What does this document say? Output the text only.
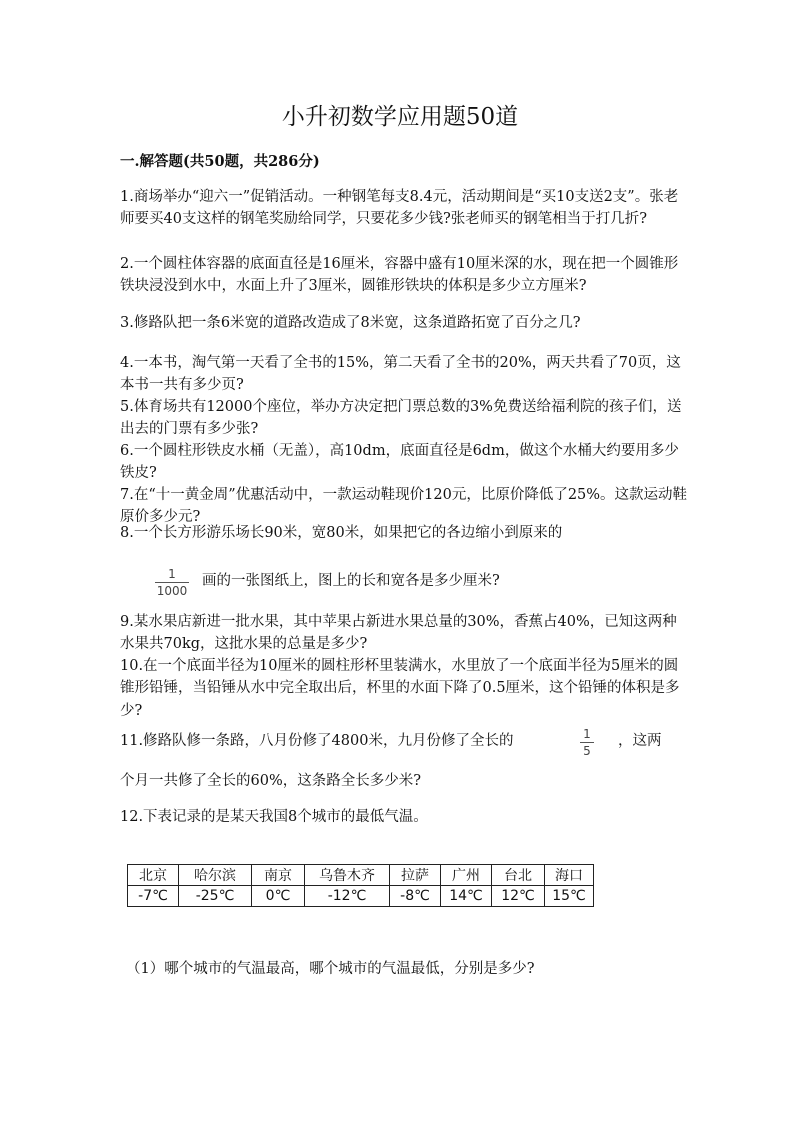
小升初数学应用题50道
一.解答题(共50题，共286分)
1.商场举办“迎六一”促销活动。一种钢笔每支8.4元，活动期间是“买10支送2支”。张老师要买40支这样的钢笔奖励给同学，只要花多少钱?张老师买的钢笔相当于打几折?
2.一个圆柱体容器的底面直径是16厘米，容器中盛有10厘米深的水，现在把一个圆锥形铁块浸没到水中，水面上升了3厘米，圆锥形铁块的体积是多少立方厘米?
3.修路队把一条6米宽的道路改造成了8米宽，这条道路拓宽了百分之几?
4.一本书，淘气第一天看了全书的15%，第二天看了全书的20%，两天共看了70页，这本书一共有多少页?
5.体育场共有12000个座位，举办方决定把门票总数的3%免费送给福利院的孩子们，送出去的门票有多少张?
6.一个圆柱形铁皮水桶（无盖），高10dm，底面直径是6dm，做这个水桶大约要用多少铁皮?
7.在“十一黄金周”优惠活动中，一款运动鞋现价120元，比原价降低了25%。这款运动鞋原价多少元?
8.一个长方形游乐场长90米，宽80米，如果把它的各边缩小到原来的
1
1000
画的一张图纸上，图上的长和宽各是多少厘米?
9.某水果店新进一批水果，其中苹果占新进水果总量的30%，香蕉占40%，已知这两种水果共70kg，这批水果的总量是多少?
10.在一个底面半径为10厘米的圆柱形杯里装满水，水里放了一个底面半径为5厘米的圆锥形铅锤，当铅锤从水中完全取出后，杯里的水面下降了0.5厘米，这个铅锤的体积是多少?
11.修路队修一条路，八月份修了4800米，九月份修了全长的	1
5
，这两
个月一共修了全长的60%，这条路全长多少米?
12.下表记录的是某天我国8个城市的最低气温。
北京	哈尔滨	南京	乌鲁木齐	拉萨	广州	台北	海口
-7℃	-25℃	0℃	-12℃	-8℃	14℃	12℃	15℃
（1）哪个城市的气温最高，哪个城市的气温最低，分别是多少?
